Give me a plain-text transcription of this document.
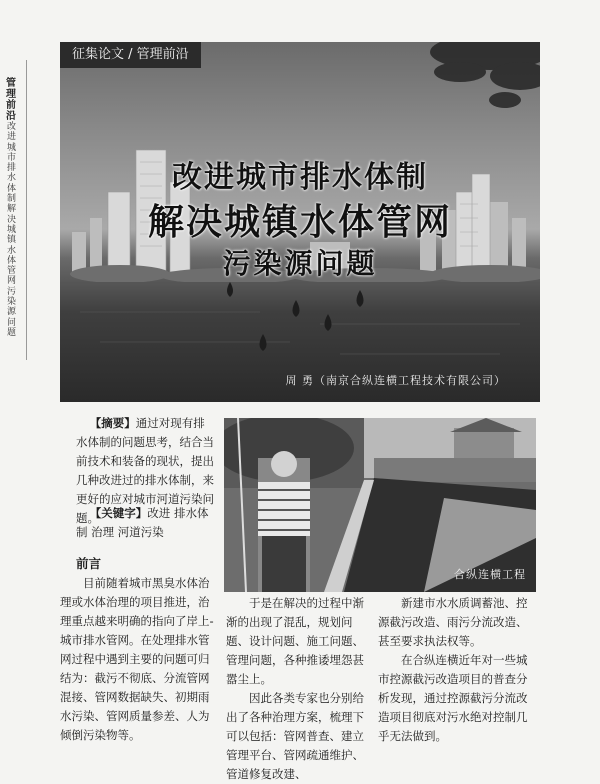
管理前沿
改进城市排水体制 解决城镇水体管网污染源问题
征集论文 / 管理前沿
改进城市排水体制
解决城镇水体管网
污染源问题
周 勇（南京合纵连横工程技术有限公司）
【摘要】通过对现有排水体制的问题思考，结合当前技术和装备的现状，提出几种改进过的排水体制，来更好的应对城市河道污染问题。
【关键字】改进 排水体制 治理 河道污染
前言
目前随着城市黑臭水体治理或水体治理的项目推进，治理重点越来明确的指向了岸上-城市排水管网。在处理排水管网过程中遇到主要的问题可归结为：截污不彻底、分流管网混接、管网数据缺失、初期雨水污染、管网质量参差、人为倾倒污染物等。
合纵连横工程

于是在解决的过程中渐渐的出现了混乱，规划问题、设计问题、施工问题、管理问题，各种推诿埋怨甚嚣尘上。

因此各类专家也分别给出了各种治理方案，梳理下可以包括：管网普查、建立管理平台、管网疏通维护、管道修复改建、

新建市水水质调蓄池、控源截污改造、雨污分流改造、甚至要求执法权等。

在合纵连横近年对一些城市控源截污改造项目的普查分析发现，通过控源截污分流改造项目彻底对污水绝对控制几乎无法做到。
